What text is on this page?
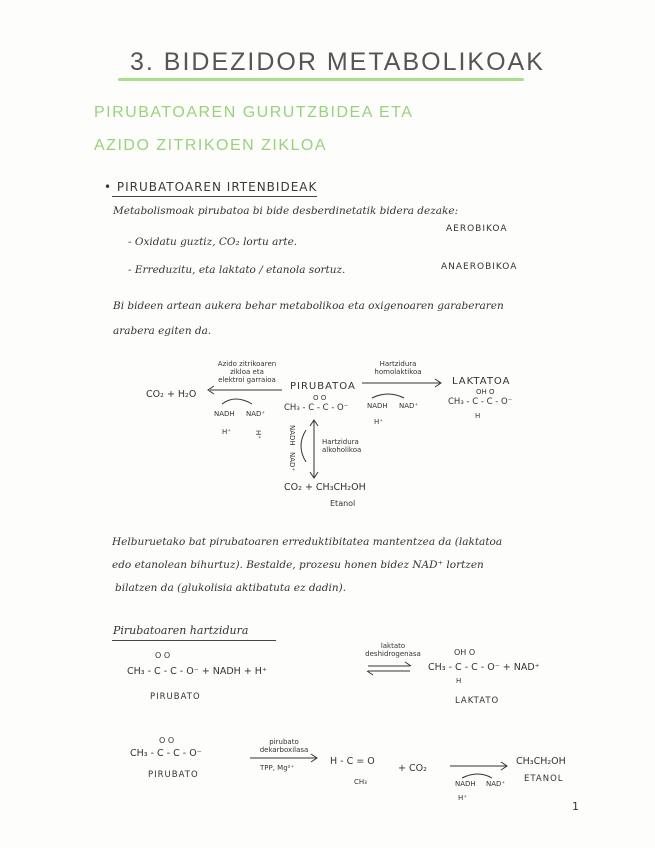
3. BIDEZIDOR METABOLIKOAK
PIRUBATOAREN GURUTZBIDEA ETA
AZIDO ZITRIKOEN ZIKLOA
• PIRUBATOAREN IRTENBIDEAK
Metabolismoak pirubatoa bi bide desberdinetatik bidera dezake:
- Oxidatu guztiz, CO₂ lortu arte.
AEROBIKOA
- Erreduzitu, eta laktato / etanola sortuz.	ANAEROBIKOA
Bi bideen artean aukera behar metabolikoa eta oxigenoaren garaberaren
arabera egiten da.
CO₂ + H₂O
Azido zitrikoaren
zikloa eta
elektroi garraioa
NADH NAD⁺
H⁺
PIRUBATOA
O O
CH₃ - C - C - O⁻
Hartzidura
homolaktikoa
NADH NAD⁺
H⁺
LAKTATOA
OH O
CH₃ - C - C - O⁻
H
H⁺	NADH
NAD⁺
Hartzidura
alkoholikoa
CO₂ + CH₃CH₂OH
Etanol
Helburuetako bat pirubatoaren erreduktibitatea mantentzea da (laktatoa
edo etanolean bihurtuz). Bestalde, prozesu honen bidez NAD⁺ lortzen
bilatzen da (glukolisia aktibatuta ez dadin).
Pirubatoaren hartzidura
O O
CH₃ - C - C - O⁻ + NADH + H⁺
PIRUBATO
laktato
deshidrogenasa	OH O
CH₃ - C - C - O⁻ + NAD⁺
H
LAKTATO
O O
CH₃ - C - C - O⁻
PIRUBATO
pirubato
dekarboxilasa
TPP, Mg²⁺
H - C = O
CH₃
+ CO₂
NADH
H⁺
NAD⁺
CH₃CH₂OH
ETANOL
1
